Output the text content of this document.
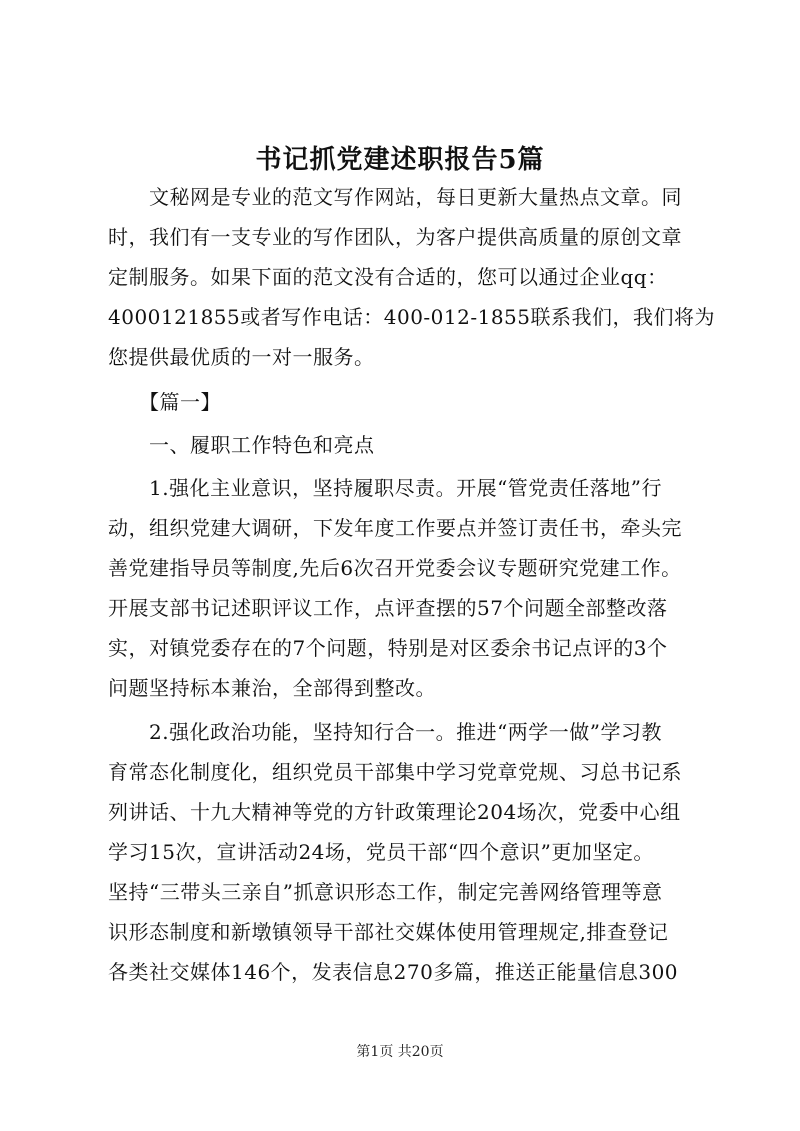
书记抓党建述职报告5篇
　　文秘网是专业的范文写作网站，每日更新大量热点文章。同
时，我们有一支专业的写作团队，为客户提供高质量的原创文章
定制服务。如果下面的范文没有合适的，您可以通过企业qq：
4000121855或者写作电话：400-012-1855联系我们，我们将为
您提供最优质的一对一服务。
　　【篇一】
　　一、履职工作特色和亮点
　　1.强化主业意识，坚持履职尽责。开展“管党责任落地”行
动，组织党建大调研，下发年度工作要点并签订责任书，牵头完
善党建指导员等制度,先后6次召开党委会议专题研究党建工作。
开展支部书记述职评议工作，点评查摆的57个问题全部整改落
实，对镇党委存在的7个问题，特别是对区委余书记点评的3个
问题坚持标本兼治，全部得到整改。
　　2.强化政治功能，坚持知行合一。推进“两学一做”学习教
育常态化制度化，组织党员干部集中学习党章党规、习总书记系
列讲话、十九大精神等党的方针政策理论204场次，党委中心组
学习15次，宣讲活动24场，党员干部“四个意识”更加坚定。
坚持“三带头三亲自”抓意识形态工作，制定完善网络管理等意
识形态制度和新墩镇领导干部社交媒体使用管理规定,排查登记
各类社交媒体146个，发表信息270多篇，推送正能量信息300
第1页 共20页
